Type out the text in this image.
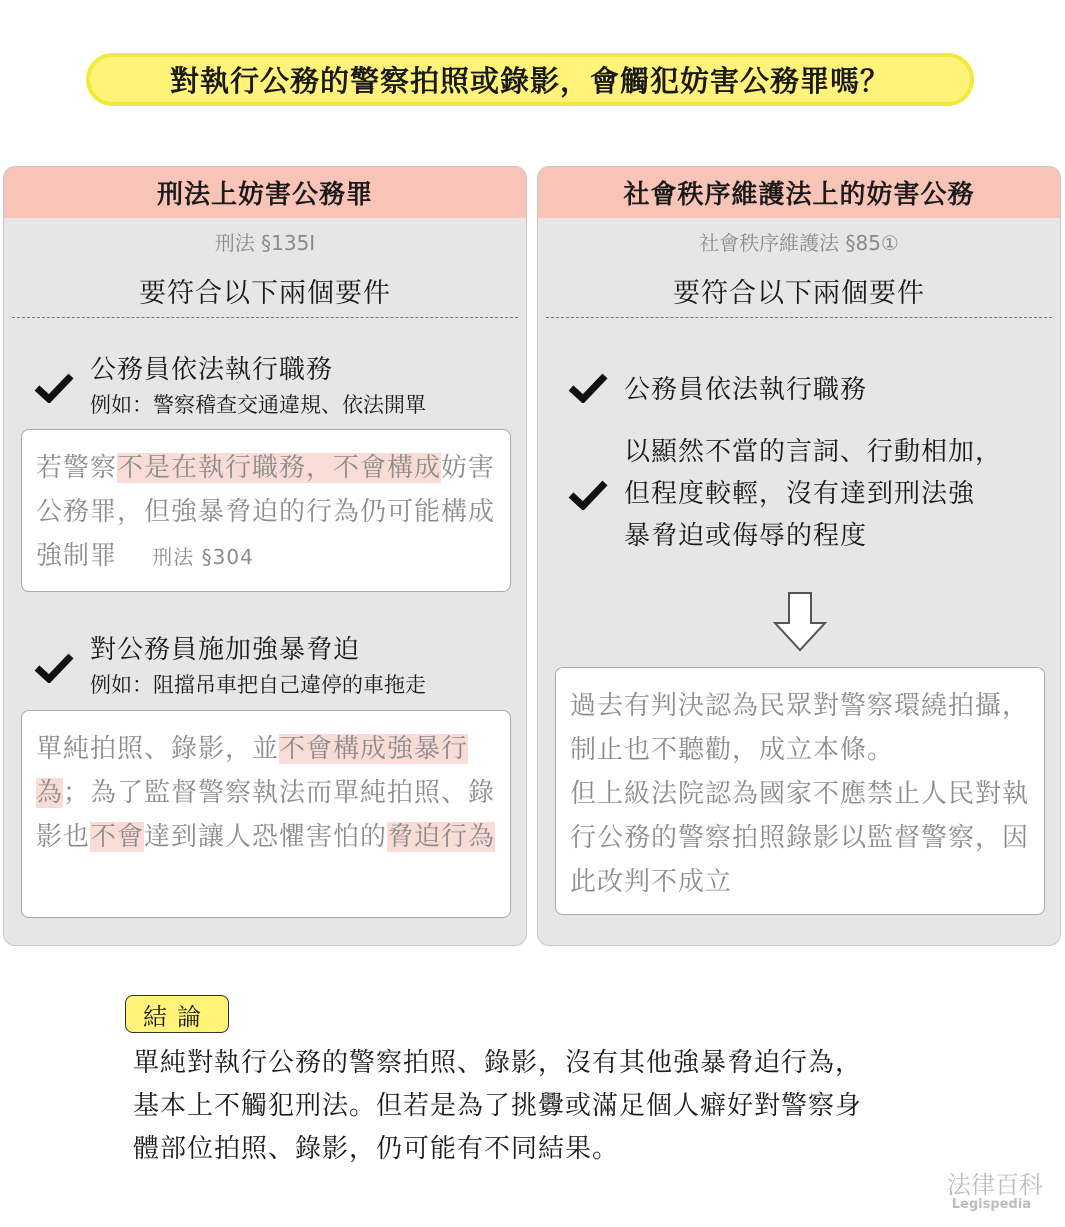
對執行公務的警察拍照或錄影，會觸犯妨害公務罪嗎？
刑法上妨害公務罪
刑法 §135Ⅰ
要符合以下兩個要件
公務員依法執行職務
例如：警察稽查交通違規、依法開單
若警察不是在執行職務，不會構成妨害公務罪，但強暴脅迫的行為仍可能構成強制罪 刑法 §304
對公務員施加強暴脅迫
例如：阻擋吊車把自己違停的車拖走
單純拍照、錄影，並不會構成強暴行為；為了監督警察執法而單純拍照、錄影也不會達到讓人恐懼害怕的脅迫行為
社會秩序維護法上的妨害公務
社會秩序維護法 §85①
要符合以下兩個要件
公務員依法執行職務
以顯然不當的言詞、行動相加，
但程度較輕，沒有達到刑法強
暴脅迫或侮辱的程度
過去有判決認為民眾對警察環繞拍攝，制止也不聽勸，成立本條。
但上級法院認為國家不應禁止人民對執行公務的警察拍照錄影以監督警察，因此改判不成立
結論
單純對執行公務的警察拍照、錄影，沒有其他強暴脅迫行為，
基本上不觸犯刑法。但若是為了挑釁或滿足個人癖好對警察身
體部位拍照、錄影，仍可能有不同結果。
法律百科
Legispedia
